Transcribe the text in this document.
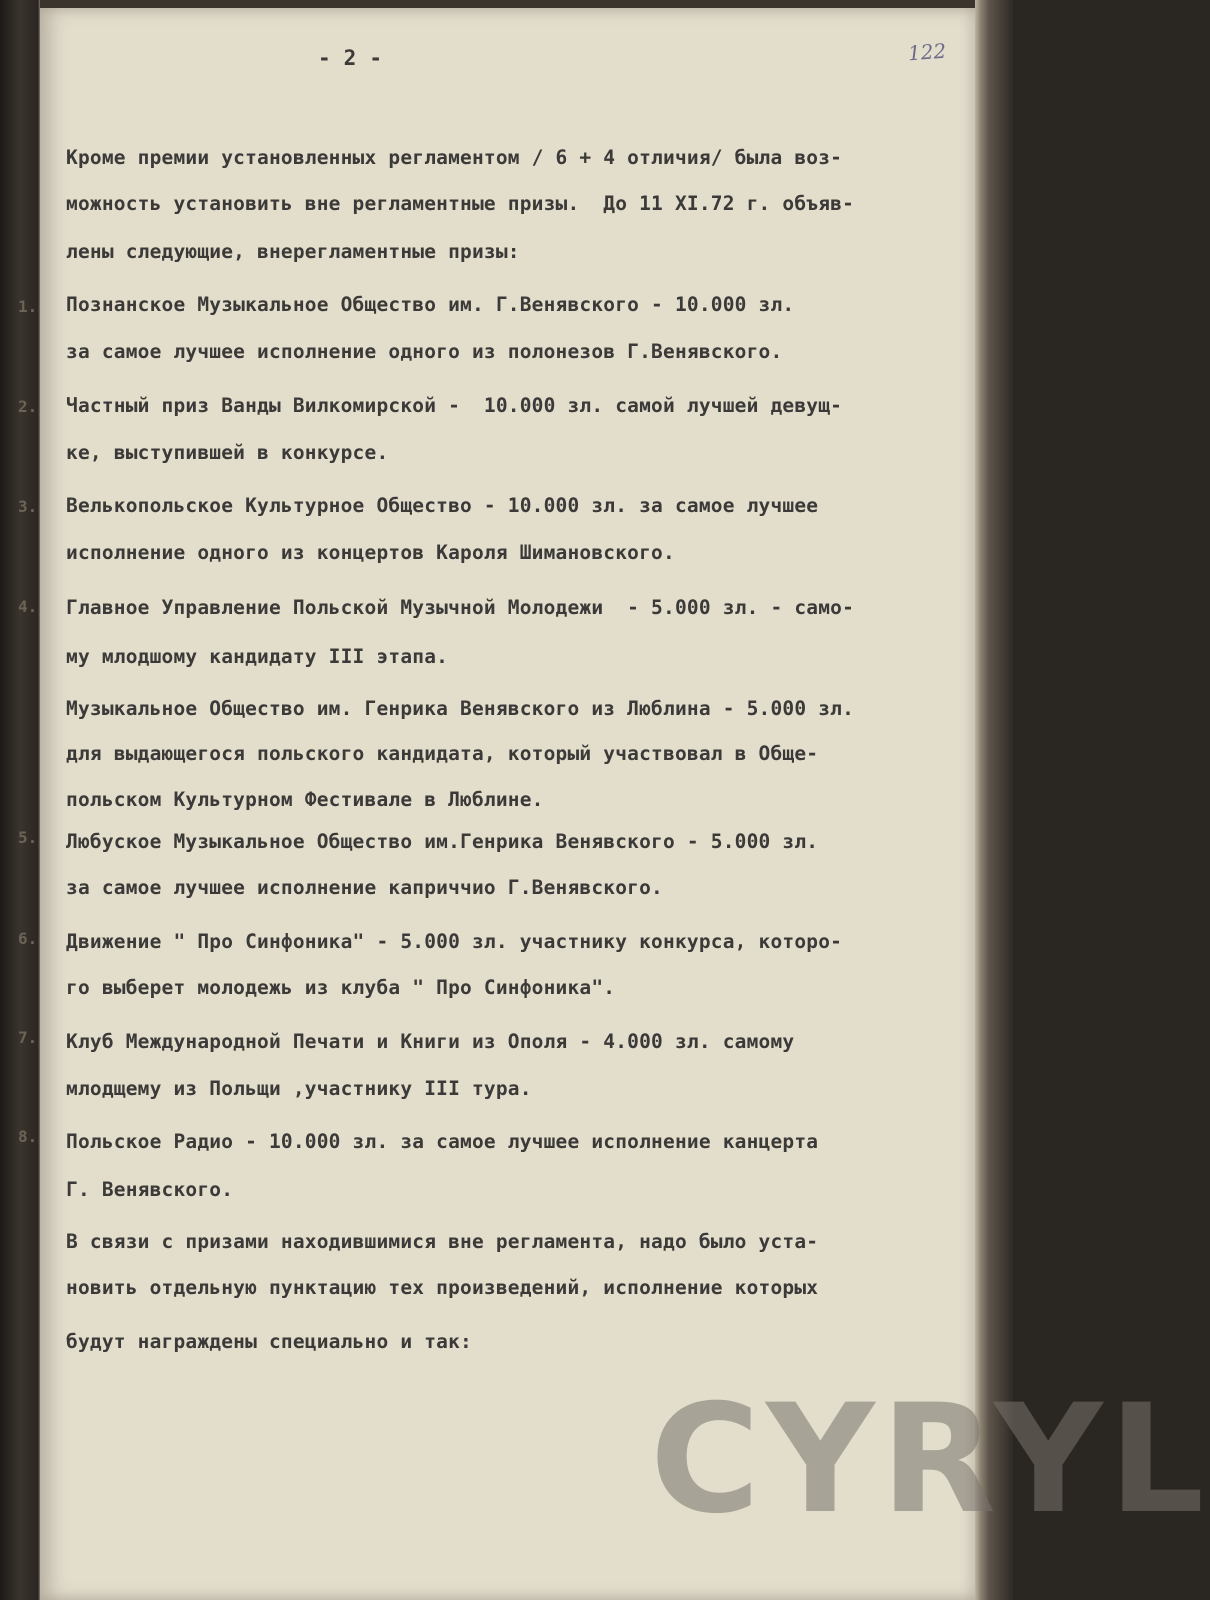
- 2 -	122
1.
2.
3.
4.
5.
6.
7.
8.
Кроме премии установленных регламентом / 6 + 4 отличия/ была воз-
можность установить вне регламентные призы.  До 11 XI.72 г. объяв-
лены следующие, внерегламентные призы:
Познанское Музыкальное Общество им. Г.Венявского - 10.000 зл.
за самое лучшее исполнение одного из полонезов Г.Венявского.
Частный приз Ванды Вилкомирской -  10.000 зл. самой лучшей девущ-
ке, выступившей в конкурсе.
Велькопольское Культурное Общество - 10.000 зл. за самое лучшее
исполнение одного из концертов Кароля Шимановского.
Главное Управление Польской Музычной Молодежи  - 5.000 зл. - само-
му млодшому кандидату III этапа.
Музыкальное Общество им. Генрика Венявского из Люблина - 5.000 зл.
для выдающегося польского кандидата, который участвовал в Обще-
польском Культурном Фестивале в Люблине.
Любуское Музыкальное Общество им.Генрика Венявского - 5.000 зл.
за самое лучшее исполнение каприччио Г.Венявского.
Движение " Про Синфоника" - 5.000 зл. участнику конкурса, которо-
го выберет молодежь из клуба " Про Синфоника".
Клуб Международной Печати и Книги из Ополя - 4.000 зл. самому
млодщему из Польщи ,участнику III тура.
Польское Радио - 10.000 зл. за самое лучшее исполнение канцерта
Г. Венявского.
В связи с призами находившимися вне регламента, надо было уста-
новить отдельную пунктацию тех произведений, исполнение которых
будут награждены специально и так:
CYRYL
